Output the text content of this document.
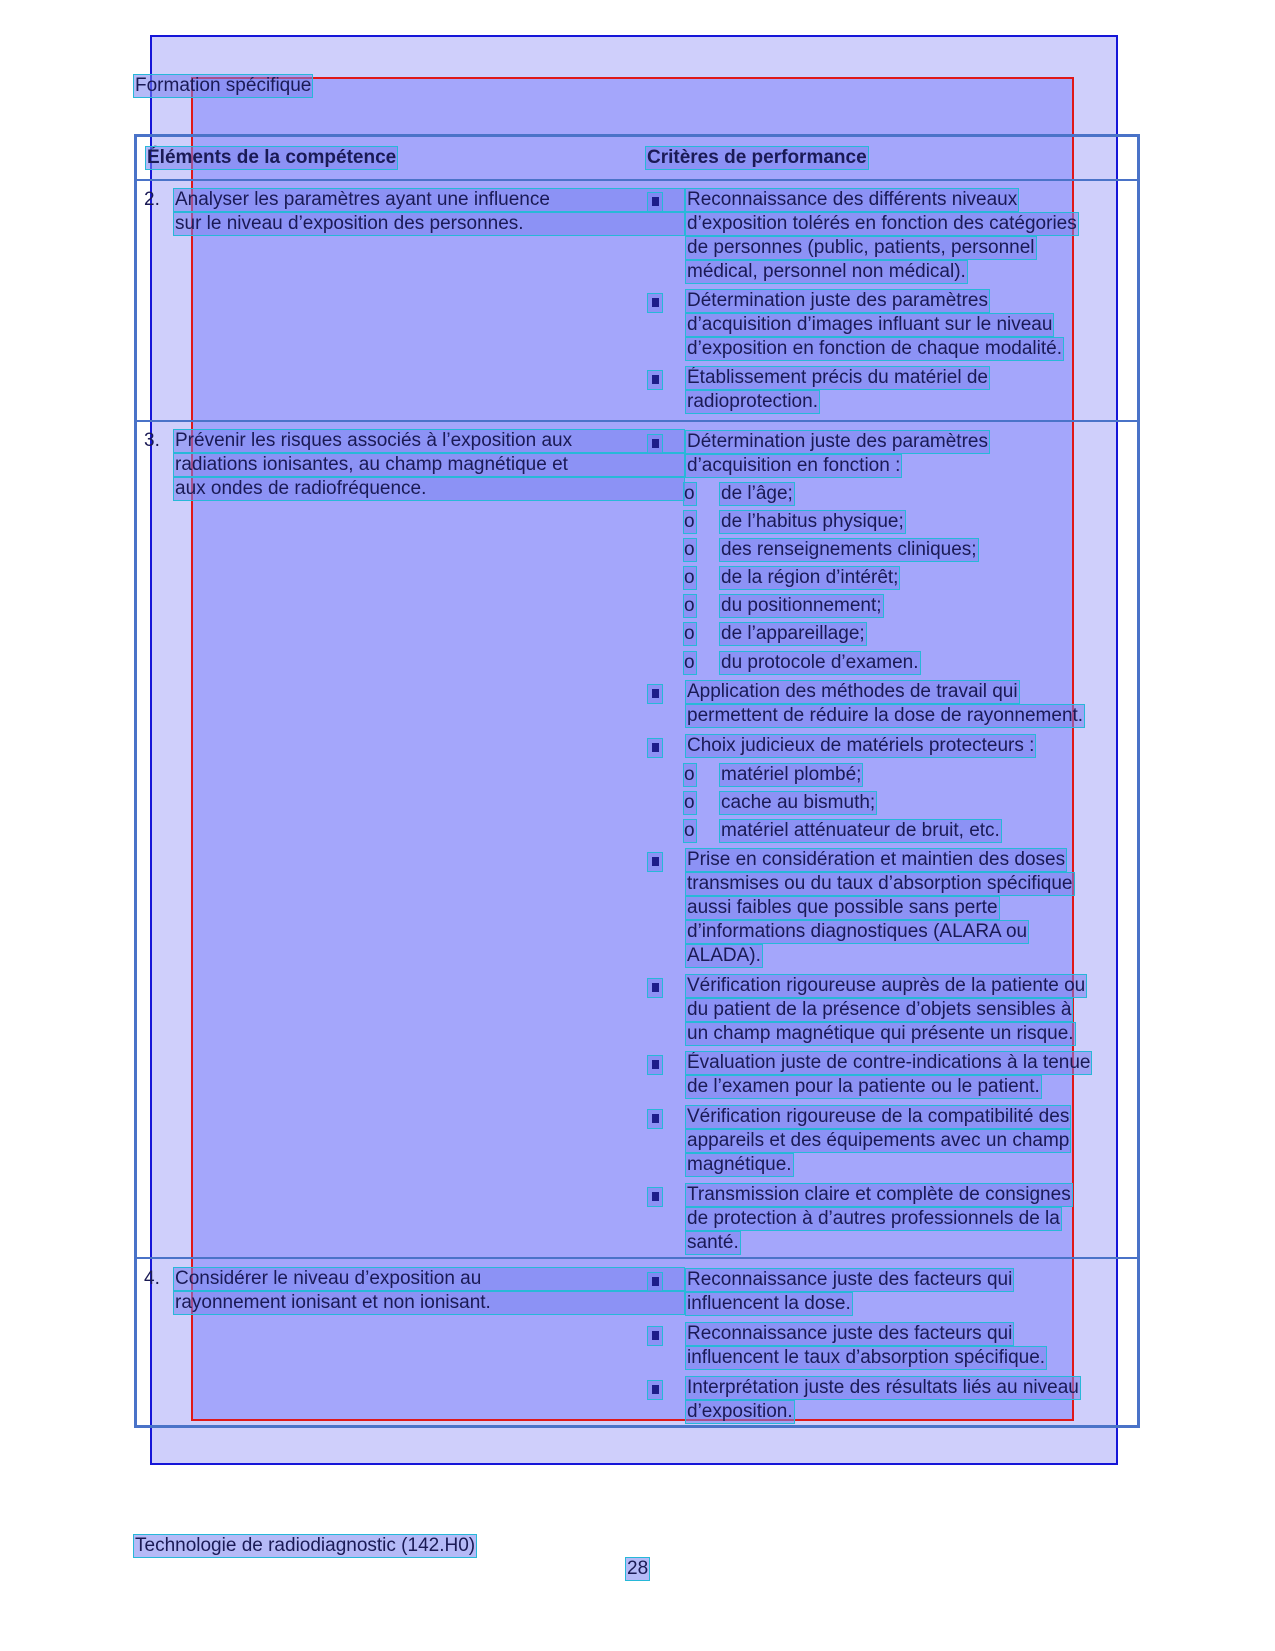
Formation spécifique
Éléments de la compétence	Critères de performance
2. Analyser les paramètres ayant une influence
sur le niveau d’exposition des personnes.
Reconnaissance des différents niveaux
d’exposition tolérés en fonction des catégories
de personnes (public, patients, personnel
médical, personnel non médical).
Détermination juste des paramètres
d’acquisition d’images influant sur le niveau
d’exposition en fonction de chaque modalité.
Établissement précis du matériel de
radioprotection.
3. Prévenir les risques associés à l’exposition aux
radiations ionisantes, au champ magnétique et
aux ondes de radiofréquence.
Détermination juste des paramètres
d’acquisition en fonction :
o de l’âge;
o de l’habitus physique;
o des renseignements cliniques;
o de la région d’intérêt;
o du positionnement;
o de l’appareillage;
o du protocole d’examen.
Application des méthodes de travail qui
permettent de réduire la dose de rayonnement.
Choix judicieux de matériels protecteurs :
o matériel plombé;
o cache au bismuth;
o matériel atténuateur de bruit, etc.
Prise en considération et maintien des doses
transmises ou du taux d’absorption spécifique
aussi faibles que possible sans perte
d’informations diagnostiques (ALARA ou
ALADA).
Vérification rigoureuse auprès de la patiente ou
du patient de la présence d’objets sensibles à
un champ magnétique qui présente un risque.
Évaluation juste de contre-indications à la tenue
de l’examen pour la patiente ou le patient.
Vérification rigoureuse de la compatibilité des
appareils et des équipements avec un champ
magnétique.
Transmission claire et complète de consignes
de protection à d’autres professionnels de la
santé.
4. Considérer le niveau d’exposition au
rayonnement ionisant et non ionisant.
Reconnaissance juste des facteurs qui
influencent la dose.
Reconnaissance juste des facteurs qui
influencent le taux d’absorption spécifique.
Interprétation juste des résultats liés au niveau
d’exposition.
Technologie de radiodiagnostic (142.H0)
28
